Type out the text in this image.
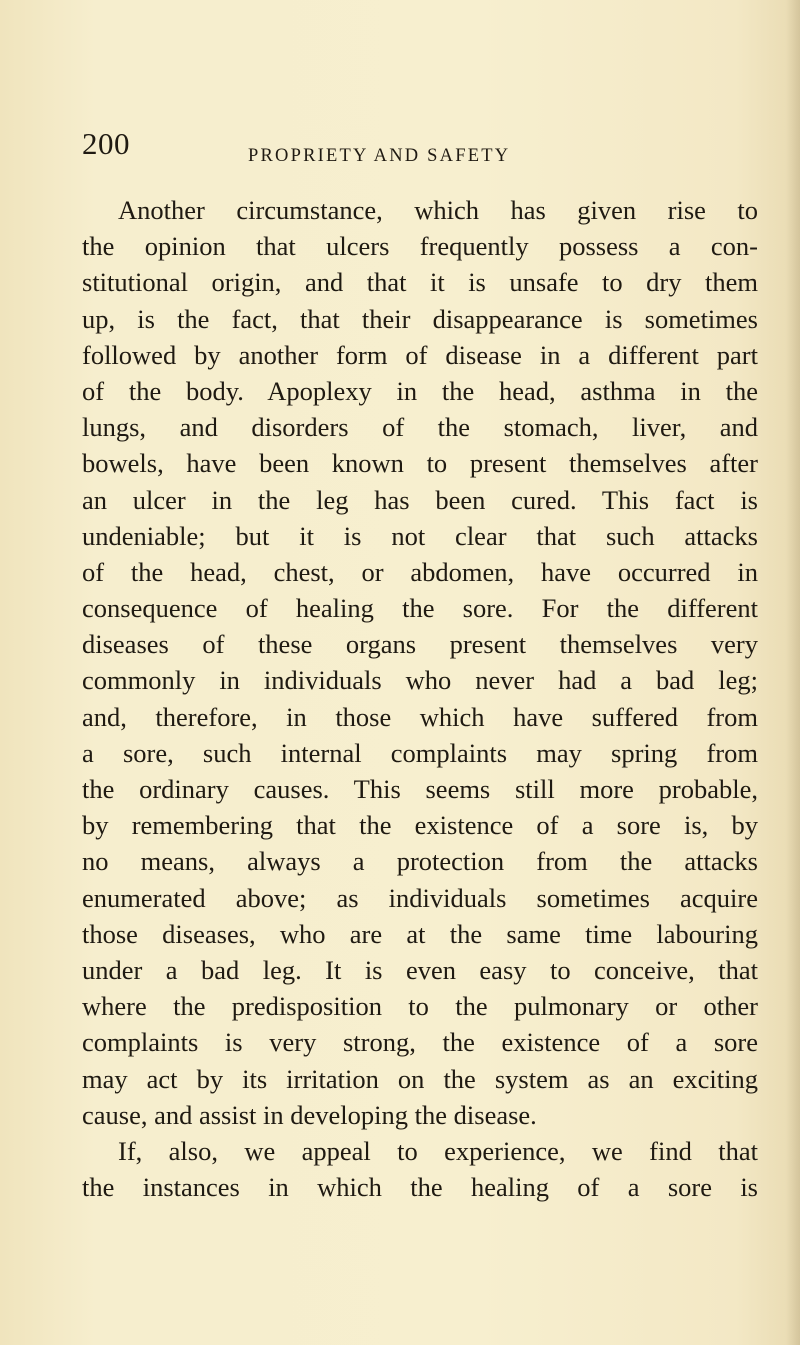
200	PROPRIETY AND SAFETY
Another circumstance, which has given rise to
the opinion that ulcers frequently possess a con-
stitutional origin, and that it is unsafe to dry them
up, is the fact, that their disappearance is sometimes
followed by another form of disease in a different part
of the body. Apoplexy in the head, asthma in the
lungs, and disorders of the stomach, liver, and
bowels, have been known to present themselves after
an ulcer in the leg has been cured. This fact is
undeniable; but it is not clear that such attacks
of the head, chest, or abdomen, have occurred in
consequence of healing the sore. For the different
diseases of these organs present themselves very
commonly in individuals who never had a bad leg;
and, therefore, in those which have suffered from
a sore, such internal complaints may spring from
the ordinary causes. This seems still more probable,
by remembering that the existence of a sore is, by
no means, always a protection from the attacks
enumerated above; as individuals sometimes acquire
those diseases, who are at the same time labouring
under a bad leg. It is even easy to conceive, that
where the predisposition to the pulmonary or other
complaints is very strong, the existence of a sore
may act by its irritation on the system as an exciting
cause, and assist in developing the disease.
If, also, we appeal to experience, we find that
the instances in which the healing of a sore is
